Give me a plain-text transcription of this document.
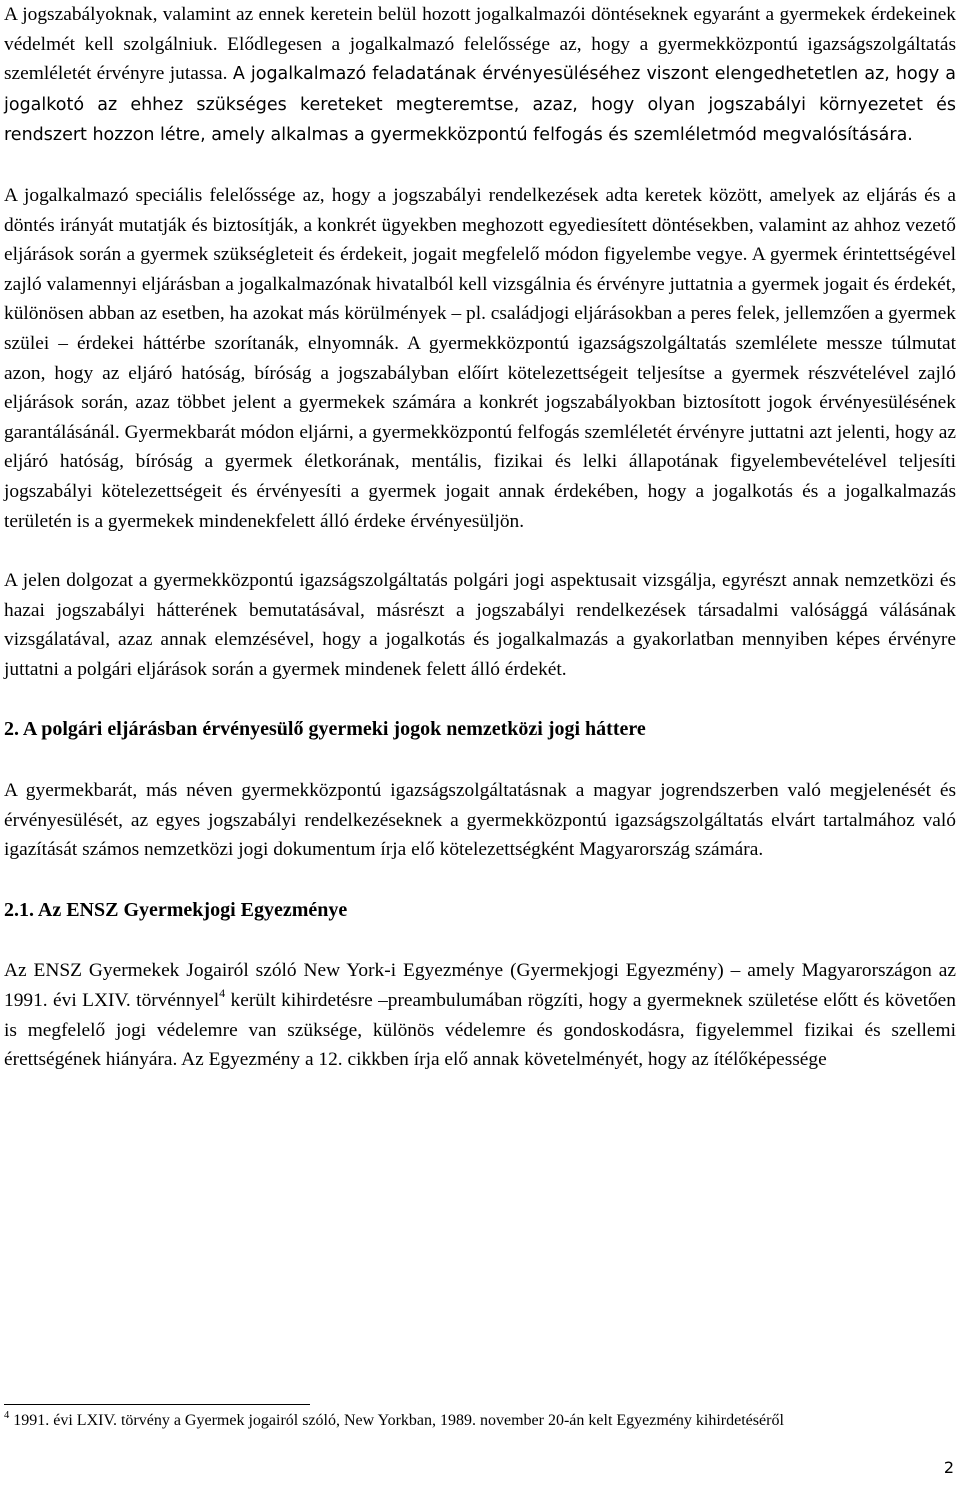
A jogszabályoknak, valamint az ennek keretein belül hozott jogalkalmazói döntéseknek egyaránt a gyermekek érdekeinek védelmét kell szolgálniuk. Elődlegesen a jogalkalmazó felelőssége az, hogy a gyermekközpontú igazságszolgáltatás szemléletét érvényre jutassa. A jogalkalmazó feladatának érvényesüléséhez viszont elengedhetetlen az, hogy a jogalkotó az ehhez szükséges kereteket megteremtse, azaz, hogy olyan jogszabályi környezetet és rendszert hozzon létre, amely alkalmas a gyermekközpontú felfogás és szemléletmód megvalósítására.

A jogalkalmazó speciális felelőssége az, hogy a jogszabályi rendelkezések adta keretek között, amelyek az eljárás és a döntés irányát mutatják és biztosítják, a konkrét ügyekben meghozott egyediesített döntésekben, valamint az ahhoz vezető eljárások során a gyermek szükségleteit és érdekeit, jogait megfelelő módon figyelembe vegye. A gyermek érintettségével zajló valamennyi eljárásban a jogalkalmazónak hivatalból kell vizsgálnia és érvényre juttatnia a gyermek jogait és érdekét, különösen abban az esetben, ha azokat más körülmények – pl. családjogi eljárásokban a peres felek, jellemzően a gyermek szülei – érdekei háttérbe szorítanák, elnyomnák. A gyermekközpontú igazságszolgáltatás szemlélete messze túlmutat azon, hogy az eljáró hatóság, bíróság a jogszabályban előírt kötelezettségeit teljesítse a gyermek részvételével zajló eljárások során, azaz többet jelent a gyermekek számára a konkrét jogszabályokban biztosított jogok érvényesülésének garantálásánál. Gyermekbarát módon eljárni, a gyermekközpontú felfogás szemléletét érvényre juttatni azt jelenti, hogy az eljáró hatóság, bíróság a gyermek életkorának, mentális, fizikai és lelki állapotának figyelembevételével teljesíti jogszabályi kötelezettségeit és érvényesíti a gyermek jogait annak érdekében, hogy a jogalkotás és a jogalkalmazás területén is a gyermekek mindenekfelett álló érdeke érvényesüljön.

A jelen dolgozat a gyermekközpontú igazságszolgáltatás polgári jogi aspektusait vizsgálja, egyrészt annak nemzetközi és hazai jogszabályi hátterének bemutatásával, másrészt a jogszabályi rendelkezések társadalmi valósággá válásának vizsgálatával, azaz annak elemzésével, hogy a jogalkotás és jogalkalmazás a gyakorlatban mennyiben képes érvényre juttatni a polgári eljárások során a gyermek mindenek felett álló érdekét.

2. A polgári eljárásban érvényesülő gyermeki jogok nemzetközi jogi háttere

A gyermekbarát, más néven gyermekközpontú igazságszolgáltatásnak a magyar jogrendszerben való megjelenését és érvényesülését, az egyes jogszabályi rendelkezéseknek a gyermekközpontú igazságszolgáltatás elvárt tartalmához való igazítását számos nemzetközi jogi dokumentum írja elő kötelezettségként Magyarország számára.

2.1. Az ENSZ Gyermekjogi Egyezménye

Az ENSZ Gyermekek Jogairól szóló New York-i Egyezménye (Gyermekjogi Egyezmény) – amely Magyarországon az 1991. évi LXIV. törvénnyel$^4$ került kihirdetésre –preambulumában rögzíti, hogy a gyermeknek születése előtt és követően is megfelelő jogi védelemre van szüksége, különös védelemre és gondoskodásra, figyelemmel fizikai és szellemi érettségének hiányára. Az Egyezmény a 12. cikkben írja elő annak követelményét, hogy az ítélőképessége

$^4$ 1991. évi LXIV. törvény a Gyermek jogairól szóló, New Yorkban, 1989. november 20-án kelt Egyezmény kihirdetéséről

2
